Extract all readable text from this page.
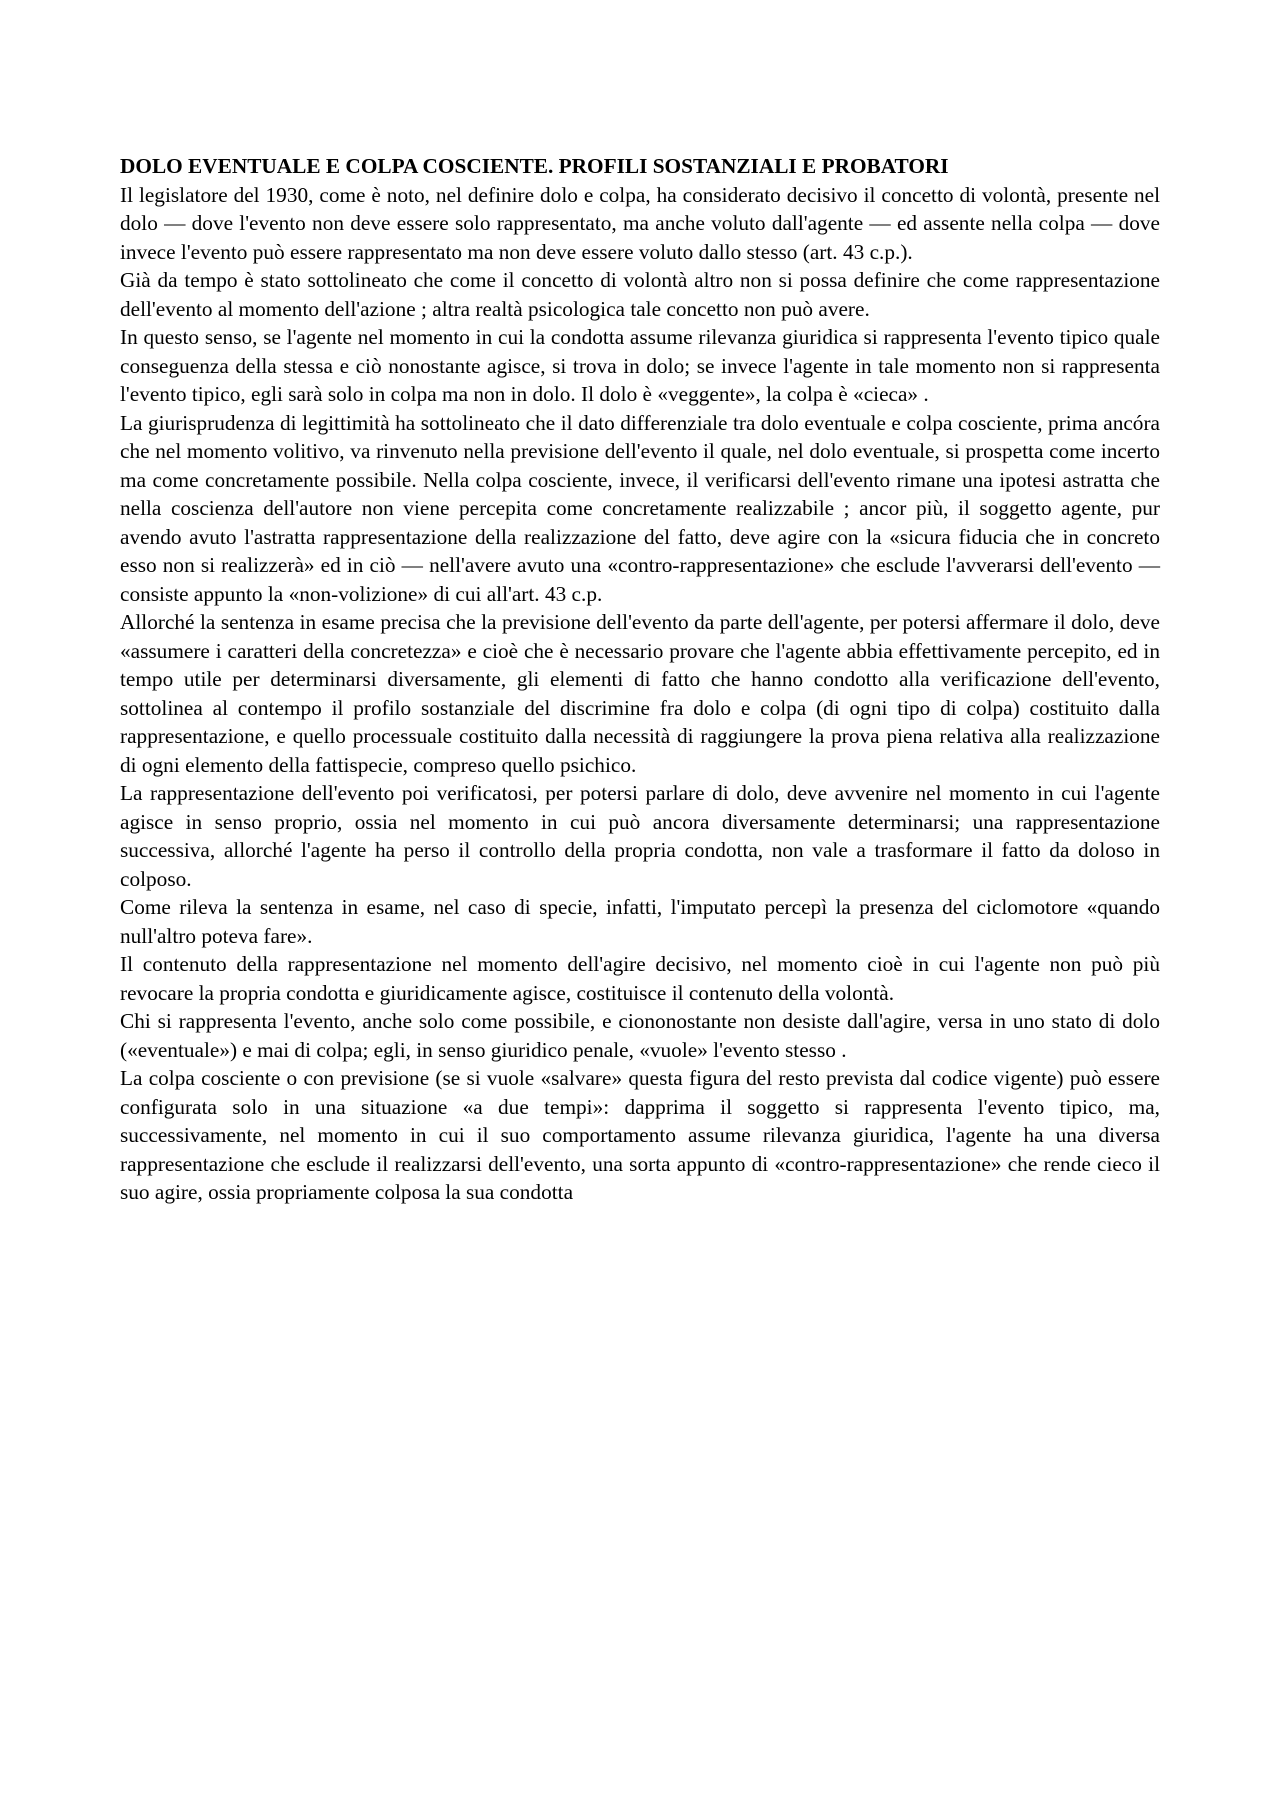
DOLO EVENTUALE E COLPA COSCIENTE. PROFILI SOSTANZIALI E PROBATORI

Il legislatore del 1930, come è noto, nel definire dolo e colpa, ha considerato decisivo il concetto di volontà, presente nel dolo — dove l'evento non deve essere solo rappresentato, ma anche voluto dall'agente — ed assente nella colpa — dove invece l'evento può essere rappresentato ma non deve essere voluto dallo stesso (art. 43 c.p.).

Già da tempo è stato sottolineato che come il concetto di volontà altro non si possa definire che come rappresentazione dell'evento al momento dell'azione ; altra realtà psicologica tale concetto non può avere.

In questo senso, se l'agente nel momento in cui la condotta assume rilevanza giuridica si rappresenta l'evento tipico quale conseguenza della stessa e ciò nonostante agisce, si trova in dolo; se invece l'agente in tale momento non si rappresenta l'evento tipico, egli sarà solo in colpa ma non in dolo. Il dolo è «veggente», la colpa è «cieca» .

La giurisprudenza di legittimità ha sottolineato che il dato differenziale tra dolo eventuale e colpa cosciente, prima ancóra che nel momento volitivo, va rinvenuto nella previsione dell'evento il quale, nel dolo eventuale, si prospetta come incerto ma come concretamente possibile. Nella colpa cosciente, invece, il verificarsi dell'evento rimane una ipotesi astratta che nella coscienza dell'autore non viene percepita come concretamente realizzabile ; ancor più, il soggetto agente, pur avendo avuto l'astratta rappresentazione della realizzazione del fatto, deve agire con la «sicura fiducia che in concreto esso non si realizzerà» ed in ciò — nell'avere avuto una «contro-rappresentazione» che esclude l'avverarsi dell'evento — consiste appunto la «non-volizione» di cui all'art. 43 c.p.

Allorché la sentenza in esame precisa che la previsione dell'evento da parte dell'agente, per potersi affermare il dolo, deve «assumere i caratteri della concretezza» e cioè che è necessario provare che l'agente abbia effettivamente percepito, ed in tempo utile per determinarsi diversamente, gli elementi di fatto che hanno condotto alla verificazione dell'evento, sottolinea al contempo il profilo sostanziale del discrimine fra dolo e colpa (di ogni tipo di colpa) costituito dalla rappresentazione, e quello processuale costituito dalla necessità di raggiungere la prova piena relativa alla realizzazione di ogni elemento della fattispecie, compreso quello psichico.

La rappresentazione dell'evento poi verificatosi, per potersi parlare di dolo, deve avvenire nel momento in cui l'agente agisce in senso proprio, ossia nel momento in cui può ancora diversamente determinarsi; una rappresentazione successiva, allorché l'agente ha perso il controllo della propria condotta, non vale a trasformare il fatto da doloso in colposo.

Come rileva la sentenza in esame, nel caso di specie, infatti, l'imputato percepì la presenza del ciclomotore «quando null'altro poteva fare».

Il contenuto della rappresentazione nel momento dell'agire decisivo, nel momento cioè in cui l'agente non può più revocare la propria condotta e giuridicamente agisce, costituisce il contenuto della volontà.

Chi si rappresenta l'evento, anche solo come possibile, e ciononostante non desiste dall'agire, versa in uno stato di dolo («eventuale») e mai di colpa; egli, in senso giuridico penale, «vuole» l'evento stesso .

La colpa cosciente o con previsione (se si vuole «salvare» questa figura del resto prevista dal codice vigente) può essere configurata solo in una situazione «a due tempi»: dapprima il soggetto si rappresenta l'evento tipico, ma, successivamente, nel momento in cui il suo comportamento assume rilevanza giuridica, l'agente ha una diversa rappresentazione che esclude il realizzarsi dell'evento, una sorta appunto di «contro-rappresentazione» che rende cieco il suo agire, ossia propriamente colposa la sua condotta
